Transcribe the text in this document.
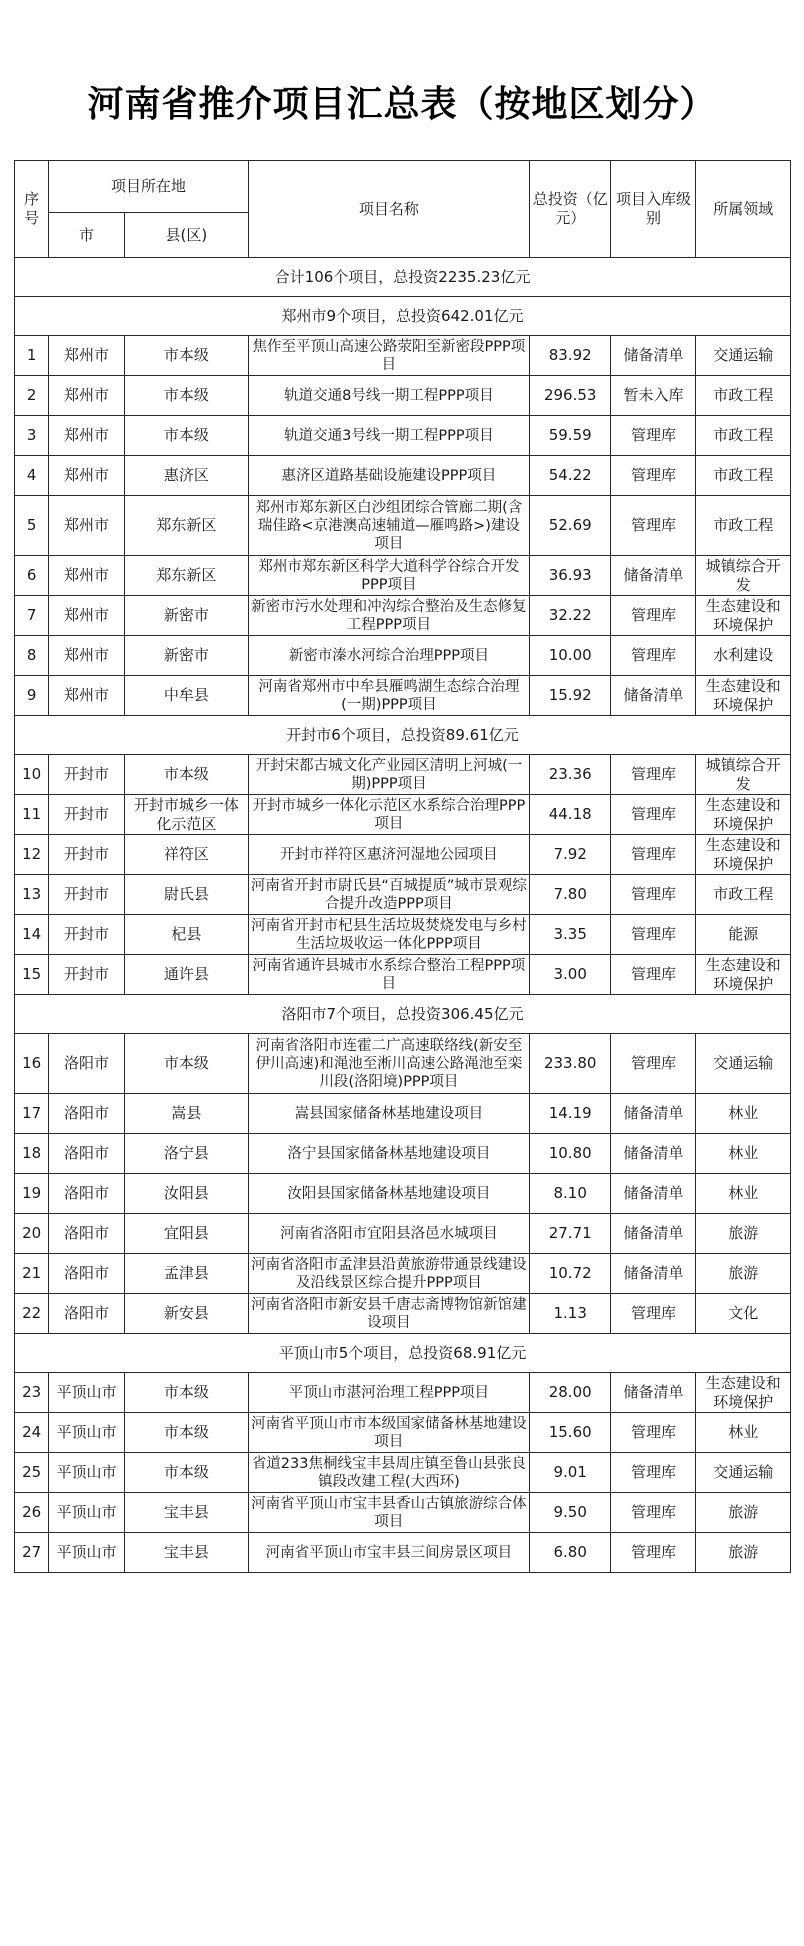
河南省推介项目汇总表（按地区划分）
序号	项目所在地		项目名称	总投资（亿元）	项目入库级别	所属领域
	市	县(区)				
合计106个项目，总投资2235.23亿元						
郑州市9个项目，总投资642.01亿元						
1	郑州市	市本级	焦作至平顶山高速公路荥阳至新密段PPP项目	83.92	储备清单	交通运输
2	郑州市	市本级	轨道交通8号线一期工程PPP项目	296.53	暂未入库	市政工程
3	郑州市	市本级	轨道交通3号线一期工程PPP项目	59.59	管理库	市政工程
4	郑州市	惠济区	惠济区道路基础设施建设PPP项目	54.22	管理库	市政工程
5	郑州市	郑东新区	郑州市郑东新区白沙组团综合管廊二期(含瑞佳路<京港澳高速辅道—雁鸣路>)建设项目	52.69	管理库	市政工程
6	郑州市	郑东新区	郑州市郑东新区科学大道科学谷综合开发PPP项目	36.93	储备清单	城镇综合开发
7	郑州市	新密市	新密市污水处理和冲沟综合整治及生态修复工程PPP项目	32.22	管理库	生态建设和环境保护
8	郑州市	新密市	新密市溱水河综合治理PPP项目	10.00	管理库	水利建设
9	郑州市	中牟县	河南省郑州市中牟县雁鸣湖生态综合治理(一期)PPP项目	15.92	储备清单	生态建设和环境保护
开封市6个项目，总投资89.61亿元						
10	开封市	市本级	开封宋都古城文化产业园区清明上河城(一期)PPP项目	23.36	管理库	城镇综合开发
11	开封市	开封市城乡一体化示范区	开封市城乡一体化示范区水系综合治理PPP项目	44.18	管理库	生态建设和环境保护
12	开封市	祥符区	开封市祥符区惠济河湿地公园项目	7.92	管理库	生态建设和环境保护
13	开封市	尉氏县	河南省开封市尉氏县“百城提质”城市景观综合提升改造PPP项目	7.80	管理库	市政工程
14	开封市	杞县	河南省开封市杞县生活垃圾焚烧发电与乡村生活垃圾收运一体化PPP项目	3.35	管理库	能源
15	开封市	通许县	河南省通许县城市水系综合整治工程PPP项目	3.00	管理库	生态建设和环境保护
洛阳市7个项目，总投资306.45亿元						
16	洛阳市	市本级	河南省洛阳市连霍二广高速联络线(新安至伊川高速)和渑池至淅川高速公路渑池至栾川段(洛阳境)PPP项目	233.80	管理库	交通运输
17	洛阳市	嵩县	嵩县国家储备林基地建设项目	14.19	储备清单	林业
18	洛阳市	洛宁县	洛宁县国家储备林基地建设项目	10.80	储备清单	林业
19	洛阳市	汝阳县	汝阳县国家储备林基地建设项目	8.10	储备清单	林业
20	洛阳市	宜阳县	河南省洛阳市宜阳县洛邑水城项目	27.71	储备清单	旅游
21	洛阳市	孟津县	河南省洛阳市孟津县沿黄旅游带通景线建设及沿线景区综合提升PPP项目	10.72	储备清单	旅游
22	洛阳市	新安县	河南省洛阳市新安县千唐志斋博物馆新馆建设项目	1.13	管理库	文化
平顶山市5个项目，总投资68.91亿元						
23	平顶山市	市本级	平顶山市湛河治理工程PPP项目	28.00	储备清单	生态建设和环境保护
24	平顶山市	市本级	河南省平顶山市市本级国家储备林基地建设项目	15.60	管理库	林业
25	平顶山市	市本级	省道233焦桐线宝丰县周庄镇至鲁山县张良镇段改建工程(大西环)	9.01	管理库	交通运输
26	平顶山市	宝丰县	河南省平顶山市宝丰县香山古镇旅游综合体项目	9.50	管理库	旅游
27	平顶山市	宝丰县	河南省平顶山市宝丰县三间房景区项目	6.80	管理库	旅游
